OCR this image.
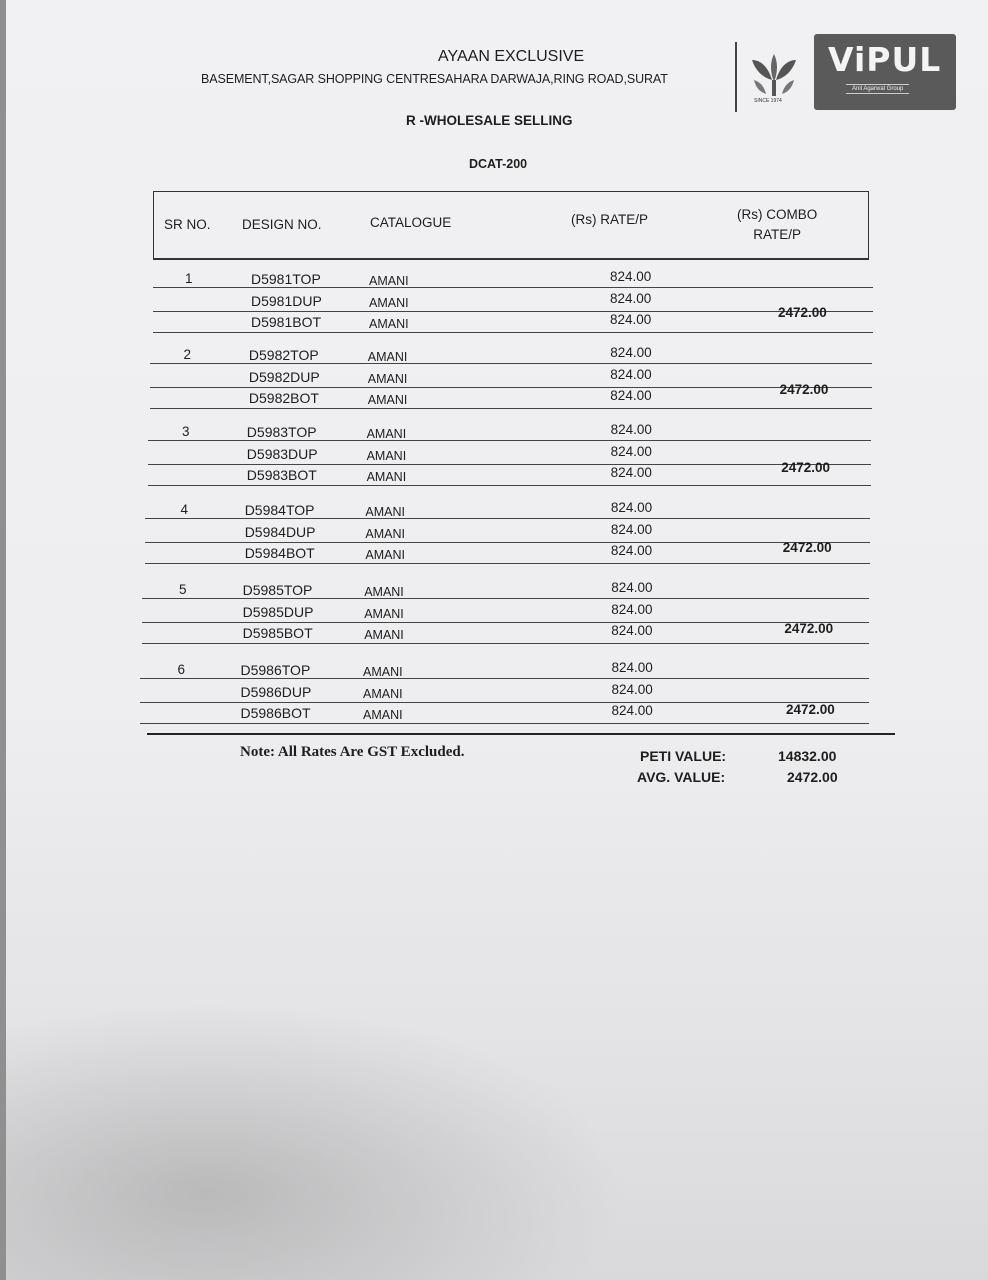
AYAAN EXCLUSIVE
BASEMENT,SAGAR SHOPPING CENTRESAHARA DARWAJA,RING ROAD,SURAT
R -WHOLESALE SELLING
DCAT-200
SINCE 1974
ViPUL
Anil Agarwal Group
SR NO. DESIGN NO.	CATALOGUE	(Rs) RATE/P	(Rs) COMBO
RATE/P
1	D5981TOP	AMANI	824.00
D5981DUP	AMANI	824.00
D5981BOT	AMANI	824.00	2472.00
2	D5982TOP	AMANI	824.00
D5982DUP	AMANI	824.00
D5982BOT	AMANI	824.00	2472.00
3	D5983TOP	AMANI	824.00
D5983DUP	AMANI	824.00
D5983BOT	AMANI	824.00	2472.00
4	D5984TOP	AMANI	824.00
D5984DUP	AMANI	824.00
D5984BOT	AMANI	824.00	2472.00
5	D5985TOP	AMANI	824.00
D5985DUP	AMANI	824.00
D5985BOT	AMANI	824.00	2472.00
6	D5986TOP	AMANI	824.00
D5986DUP	AMANI	824.00
D5986BOT	AMANI	824.00	2472.00
Note: All Rates Are GST Excluded.	PETI VALUE:	14832.00
AVG. VALUE:	2472.00
